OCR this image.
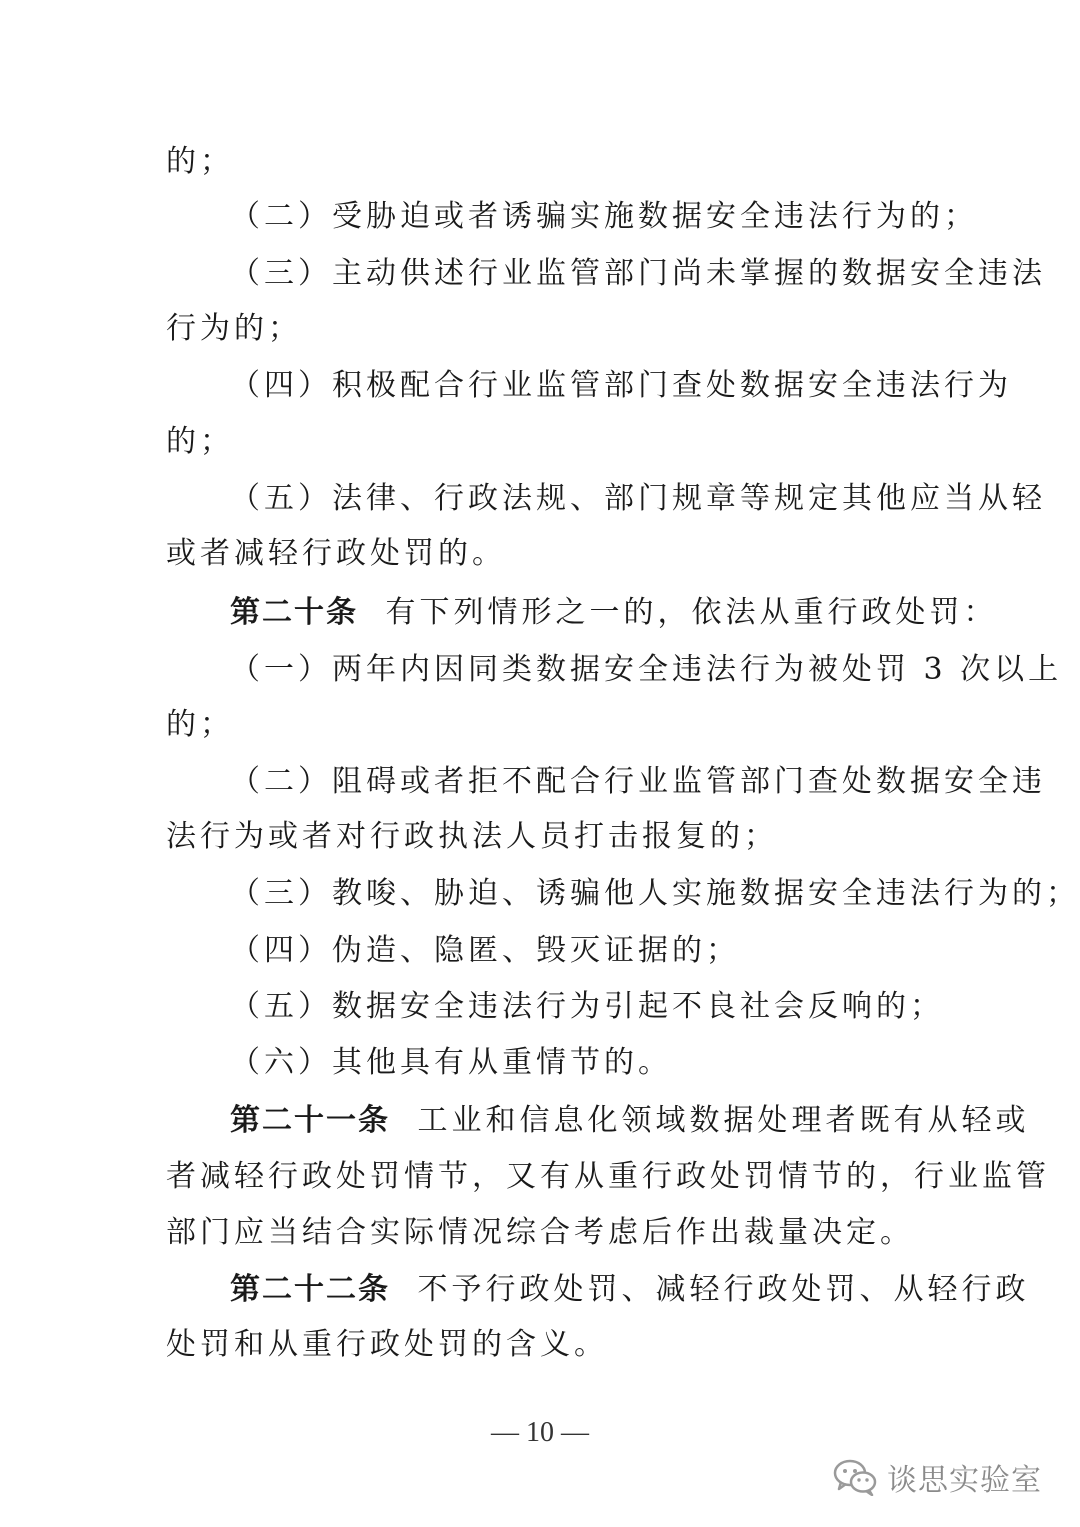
的；
（二）受胁迫或者诱骗实施数据安全违法行为的；
（三）主动供述行业监管部门尚未掌握的数据安全违法
行为的；
（四）积极配合行业监管部门查处数据安全违法行为
的；
（五）法律、行政法规、部门规章等规定其他应当从轻
或者减轻行政处罚的。
第二十条 有下列情形之一的，依法从重行政处罚：
（一）两年内因同类数据安全违法行为被处罚 3 次以上
的；
（二）阻碍或者拒不配合行业监管部门查处数据安全违
法行为或者对行政执法人员打击报复的；
（三）教唆、胁迫、诱骗他人实施数据安全违法行为的；
（四）伪造、隐匿、毁灭证据的；
（五）数据安全违法行为引起不良社会反响的；
（六）其他具有从重情节的。
第二十一条 工业和信息化领域数据处理者既有从轻或
者减轻行政处罚情节，又有从重行政处罚情节的，行业监管
部门应当结合实际情况综合考虑后作出裁量决定。
第二十二条 不予行政处罚、减轻行政处罚、从轻行政
处罚和从重行政处罚的含义。
— 10 —
谈思实验室
